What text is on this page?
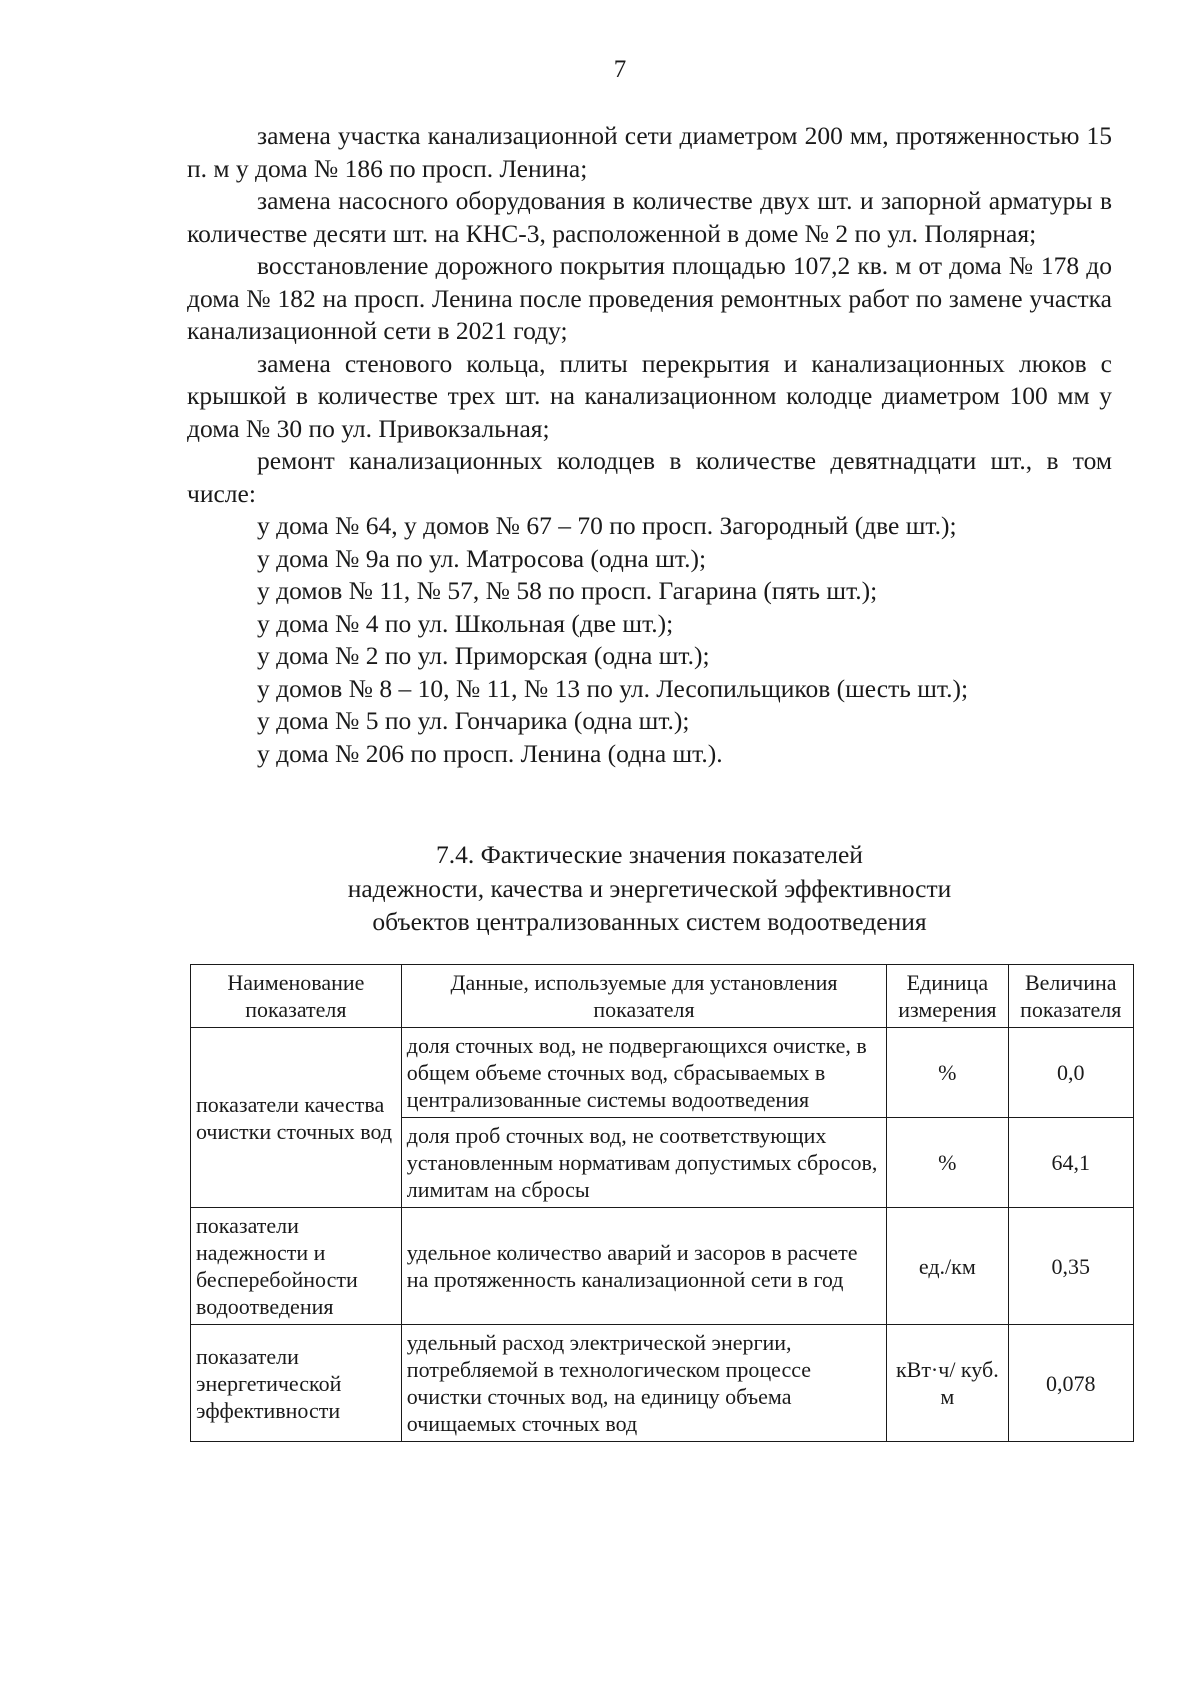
7

замена участка канализационной сети диаметром 200 мм, протяженностью 15 п. м у дома № 186 по просп. Ленина;

замена насосного оборудования в количестве двух шт. и запорной арматуры в количестве десяти шт. на КНС-3, расположенной в доме № 2 по ул. Полярная;

восстановление дорожного покрытия площадью 107,2 кв. м от дома № 178 до дома № 182 на просп. Ленина после проведения ремонтных работ по замене участка канализационной сети в 2021 году;

замена стенового кольца, плиты перекрытия и канализационных люков с крышкой в количестве трех шт. на канализационном колодце диаметром 100 мм у дома № 30 по ул. Привокзальная;

ремонт канализационных колодцев в количестве девятнадцати шт., в том числе:

у дома № 64, у домов № 67 – 70 по просп. Загородный (две шт.);

у дома № 9а по ул. Матросова (одна шт.);

у домов № 11, № 57, № 58 по просп. Гагарина (пять шт.);

у дома № 4 по ул. Школьная (две шт.);

у дома № 2 по ул. Приморская (одна шт.);

у домов № 8 – 10, № 11, № 13 по ул. Лесопильщиков (шесть шт.);

у дома № 5 по ул. Гончарика (одна шт.);

у дома № 206 по просп. Ленина (одна шт.).

7.4. Фактические значения показателей
надежности, качества и энергетической эффективности
объектов централизованных систем водоотведения
Наименование показателя	Данные, используемые для установления показателя	Единица измерения	Величина показателя
показатели качества очистки сточных вод	доля сточных вод, не подвергающихся очистке, в общем объеме сточных вод, сбрасываемых в централизованные системы водоотведения	%	0,0
	доля проб сточных вод, не соответствующих установленным нормативам допустимых сбросов, лимитам на сбросы	%	64,1
показатели надежности и бесперебойности водоотведения	удельное количество аварий и засоров в расчете на протяженность канализационной сети в год	ед./км	0,35
показатели энергетической эффективности	удельный расход электрической энергии, потребляемой в технологическом процессе очистки сточных вод, на единицу объема очищаемых сточных вод	кВт·ч/ куб. м	0,078
